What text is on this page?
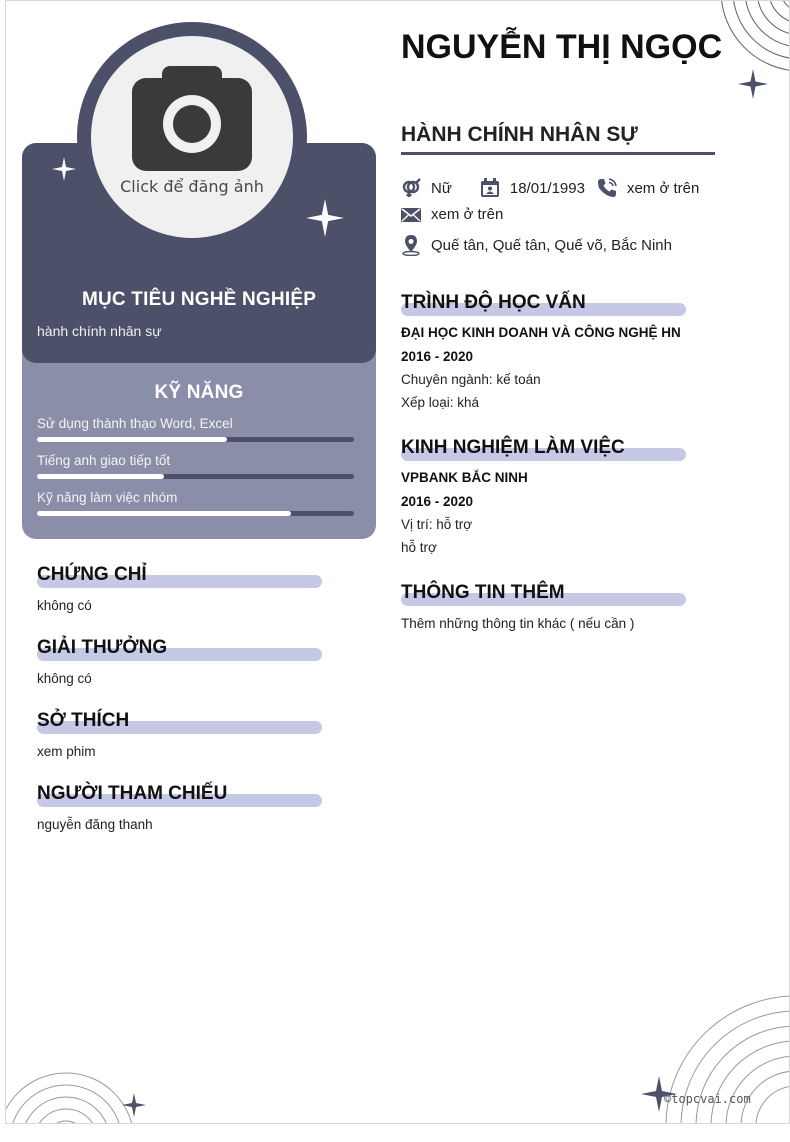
Click để đăng ảnh
MỤC TIÊU NGHỀ NGHIỆP
hành chính nhân sự
KỸ NĂNG
Sử dụng thành thạo Word, Excel
Tiếng anh giao tiếp tốt
Kỹ năng làm việc nhóm
CHỨNG CHỈ
không có
GIẢI THƯỞNG
không có
SỞ THÍCH
xem phim
NGƯỜI THAM CHIẾU
nguyễn đăng thanh
NGUYỄN THỊ NGỌC
HÀNH CHÍNH NHÂN SỰ
Nữ	18/01/1993	xem ở trên
xem ở trên
Quế tân, Quế tân, Quế võ, Bắc Ninh
TRÌNH ĐỘ HỌC VẤN
ĐẠI HỌC KINH DOANH VÀ CÔNG NGHỆ HN
2016 - 2020
Chuyên ngành: kế toán
Xếp loại: khá
KINH NGHIỆM LÀM VIỆC
VPBANK BẮC NINH
2016 - 2020
Vị trí: hỗ trợ
hỗ trợ
THÔNG TIN THÊM
Thêm những thông tin khác ( nếu cần )
©topcvai.com
